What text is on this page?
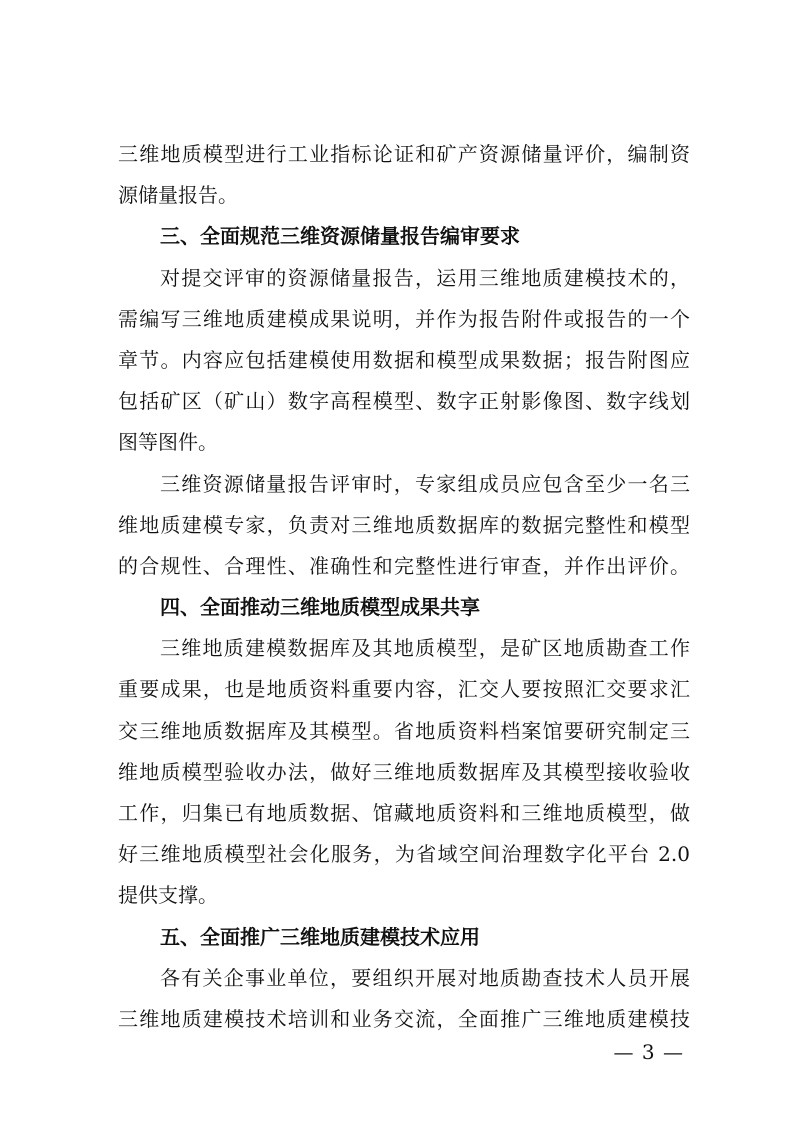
三维地质模型进行工业指标论证和矿产资源储量评价，编制资
源储量报告。
三、全面规范三维资源储量报告编审要求
对提交评审的资源储量报告，运用三维地质建模技术的，
需编写三维地质建模成果说明，并作为报告附件或报告的一个
章节。内容应包括建模使用数据和模型成果数据；报告附图应
包括矿区（矿山）数字高程模型、数字正射影像图、数字线划
图等图件。
三维资源储量报告评审时，专家组成员应包含至少一名三
维地质建模专家，负责对三维地质数据库的数据完整性和模型
的合规性、合理性、准确性和完整性进行审查，并作出评价。
四、全面推动三维地质模型成果共享
三维地质建模数据库及其地质模型，是矿区地质勘查工作
重要成果，也是地质资料重要内容，汇交人要按照汇交要求汇
交三维地质数据库及其模型。省地质资料档案馆要研究制定三
维地质模型验收办法，做好三维地质数据库及其模型接收验收
工作，归集已有地质数据、馆藏地质资料和三维地质模型，做
好三维地质模型社会化服务，为省域空间治理数字化平台 2.0
提供支撑。
五、全面推广三维地质建模技术应用
各有关企事业单位，要组织开展对地质勘查技术人员开展
三维地质建模技术培训和业务交流，全面推广三维地质建模技
— 3 —
